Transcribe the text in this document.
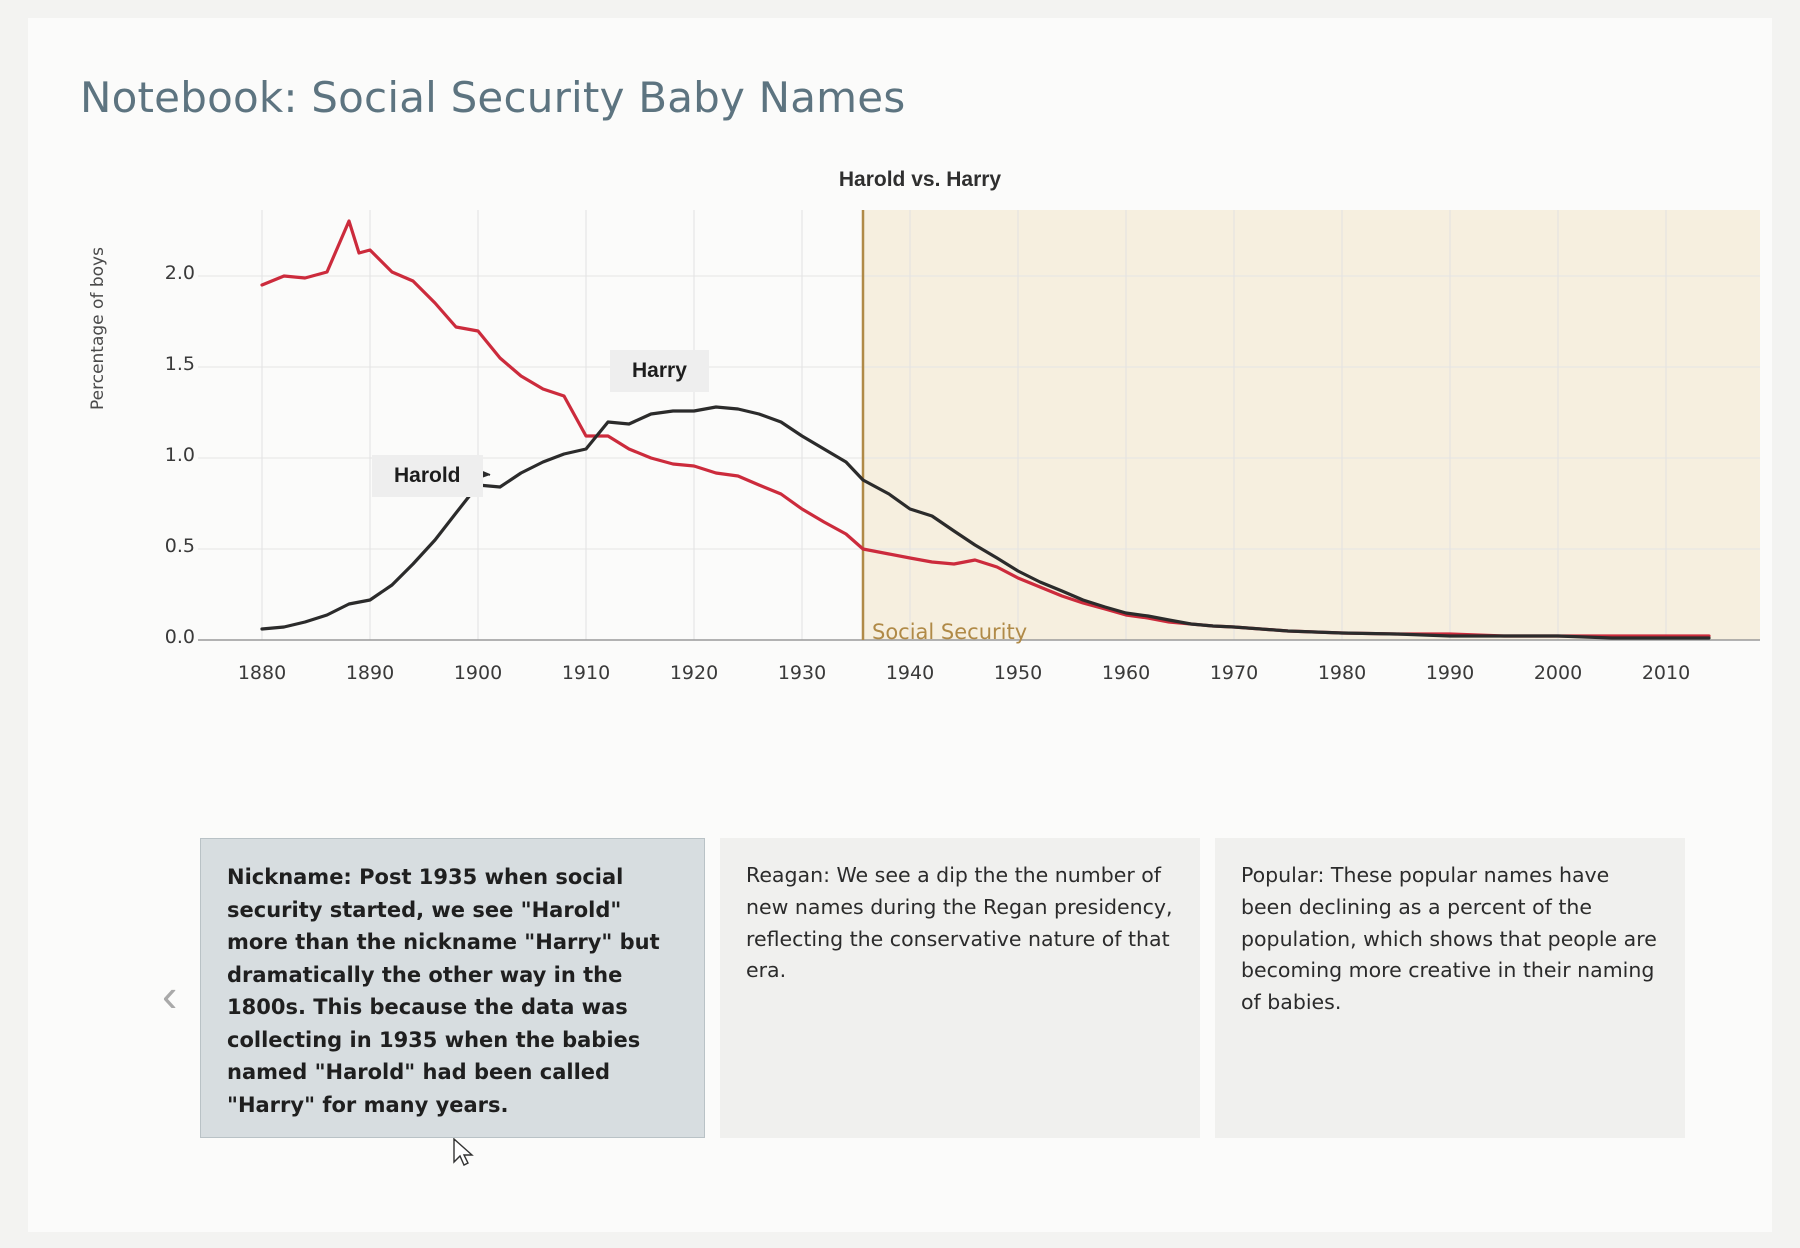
Notebook: Social Security Baby Names
Harold vs. Harry
Percentage of boys
0.0
0.5
1.0
1.5
2.0
Harry
Harold
Social Security
1880	1890	1900	1910	1920	1930	1940	1950	1960	1970	1980	1990	2000	2010
‹
Nickname: Post 1935 when social security started, we see "Harold" more than the nickname "Harry" but dramatically the other way in the 1800s. This because the data was collecting in 1935 when the babies named "Harold" had been called "Harry" for many years.
Reagan: We see a dip the the number of new names during the Regan presidency, reflecting the conservative nature of that era.
Popular: These popular names have been declining as a percent of the population, which shows that people are becoming more creative in their naming of babies.
